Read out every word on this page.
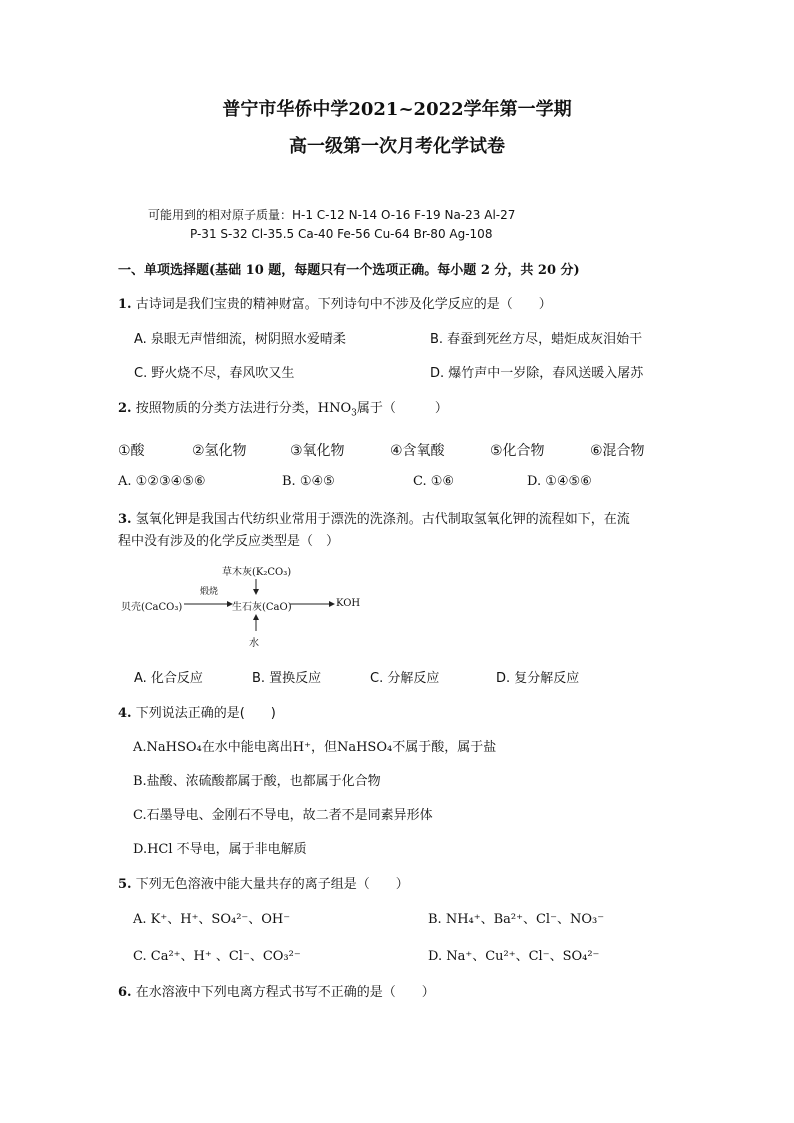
普宁市华侨中学2021~2022学年第一学期
高一级第一次月考化学试卷
可能用到的相对原子质量：H-1 C-12 N-14 O-16 F-19 Na-23 Al-27
P-31 S-32 Cl-35.5 Ca-40 Fe-56 Cu-64 Br-80 Ag-108
一、单项选择题(基础 10 题，每题只有一个选项正确。每小题 2 分，共 20 分)
1. 古诗词是我们宝贵的精神财富。下列诗句中不涉及化学反应的是（　　）
A. 泉眼无声惜细流，树阴照水爱晴柔	B. 春蚕到死丝方尽，蜡炬成灰泪始干
C. 野火烧不尽，春风吹又生	D. 爆竹声中一岁除，春风送暖入屠苏
2. 按照物质的分类方法进行分类，$HNO_3$属于（　　　）
①酸	②氢化物	③氧化物	④含氧酸	⑤化合物	⑥混合物
A. ①②③④⑤⑥	B. ①④⑤	C. ①⑥	D. ①④⑤⑥
3. 氢氧化钾是我国古代纺织业常用于漂洗的洗涤剂。古代制取氢氧化钾的流程如下，在流
程中没有涉及的化学反应类型是（　）
草木灰(K₂CO₃)
贝壳(CaCO₃)
煅烧
生石灰(CaO)	KOH
水
A. 化合反应	B. 置换反应	C. 分解反应	D. 复分解反应
4. 下列说法正确的是(　　)
A.NaHSO₄在水中能电离出H⁺，但NaHSO₄不属于酸，属于盐
B.盐酸、浓硫酸都属于酸，也都属于化合物
C.石墨导电、金刚石不导电，故二者不是同素异形体
D.HCl 不导电，属于非电解质
5. 下列无色溶液中能大量共存的离子组是（　　）
A. K⁺、H⁺、SO₄²⁻、OH⁻	B. NH₄⁺、Ba²⁺、Cl⁻、NO₃⁻
C. Ca²⁺、H⁺ 、Cl⁻、CO₃²⁻	D. Na⁺、Cu²⁺、Cl⁻、SO₄²⁻
6. 在水溶液中下列电离方程式书写不正确的是（　　）
